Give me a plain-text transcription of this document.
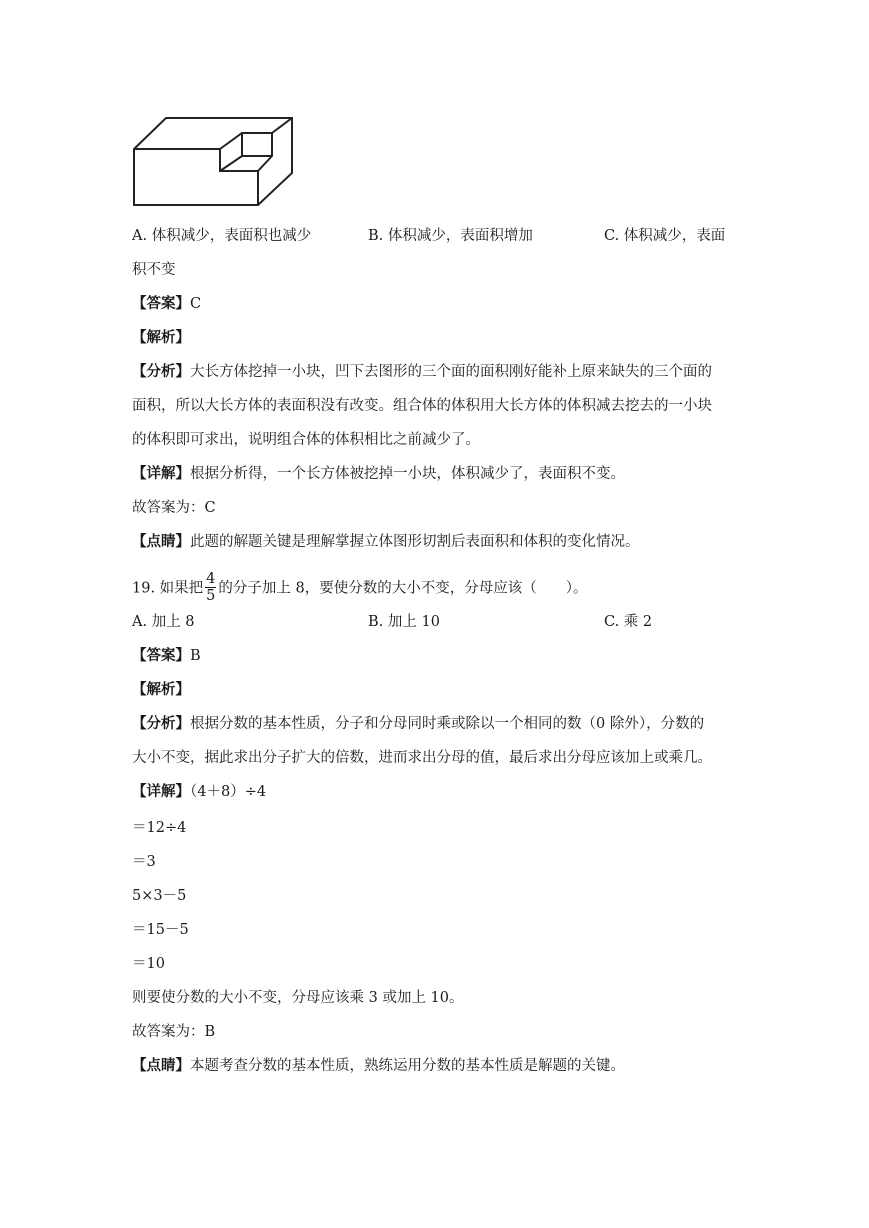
A. 体积减少，表面积也减少	B. 体积减少，表面积增加	C. 体积减少，表面
积不变
【答案】C
【解析】
【分析】大长方体挖掉一小块，凹下去图形的三个面的面积刚好能补上原来缺失的三个面的
面积，所以大长方体的表面积没有改变。组合体的体积用大长方体的体积减去挖去的一小块
的体积即可求出，说明组合体的体积相比之前减少了。
【详解】根据分析得，一个长方体被挖掉一小块，体积减少了，表面积不变。
故答案为：C
【点睛】此题的解题关键是理解掌握立体图形切割后表面积和体积的变化情况。
19. 如果把 $\frac{4}{5}$ 的分子加上 8，要使分数的大小不变，分母应该（　　）。
A. 加上 8	B. 加上 10	C. 乘 2
【答案】B
【解析】
【分析】根据分数的基本性质，分子和分母同时乘或除以一个相同的数（0 除外），分数的
大小不变，据此求出分子扩大的倍数，进而求出分母的值，最后求出分母应该加上或乘几。
【详解】（4＋8）÷4
＝12÷4
＝3
5×3－5
＝15－5
＝10
则要使分数的大小不变，分母应该乘 3 或加上 10。
故答案为：B
【点睛】本题考查分数的基本性质，熟练运用分数的基本性质是解题的关键。
